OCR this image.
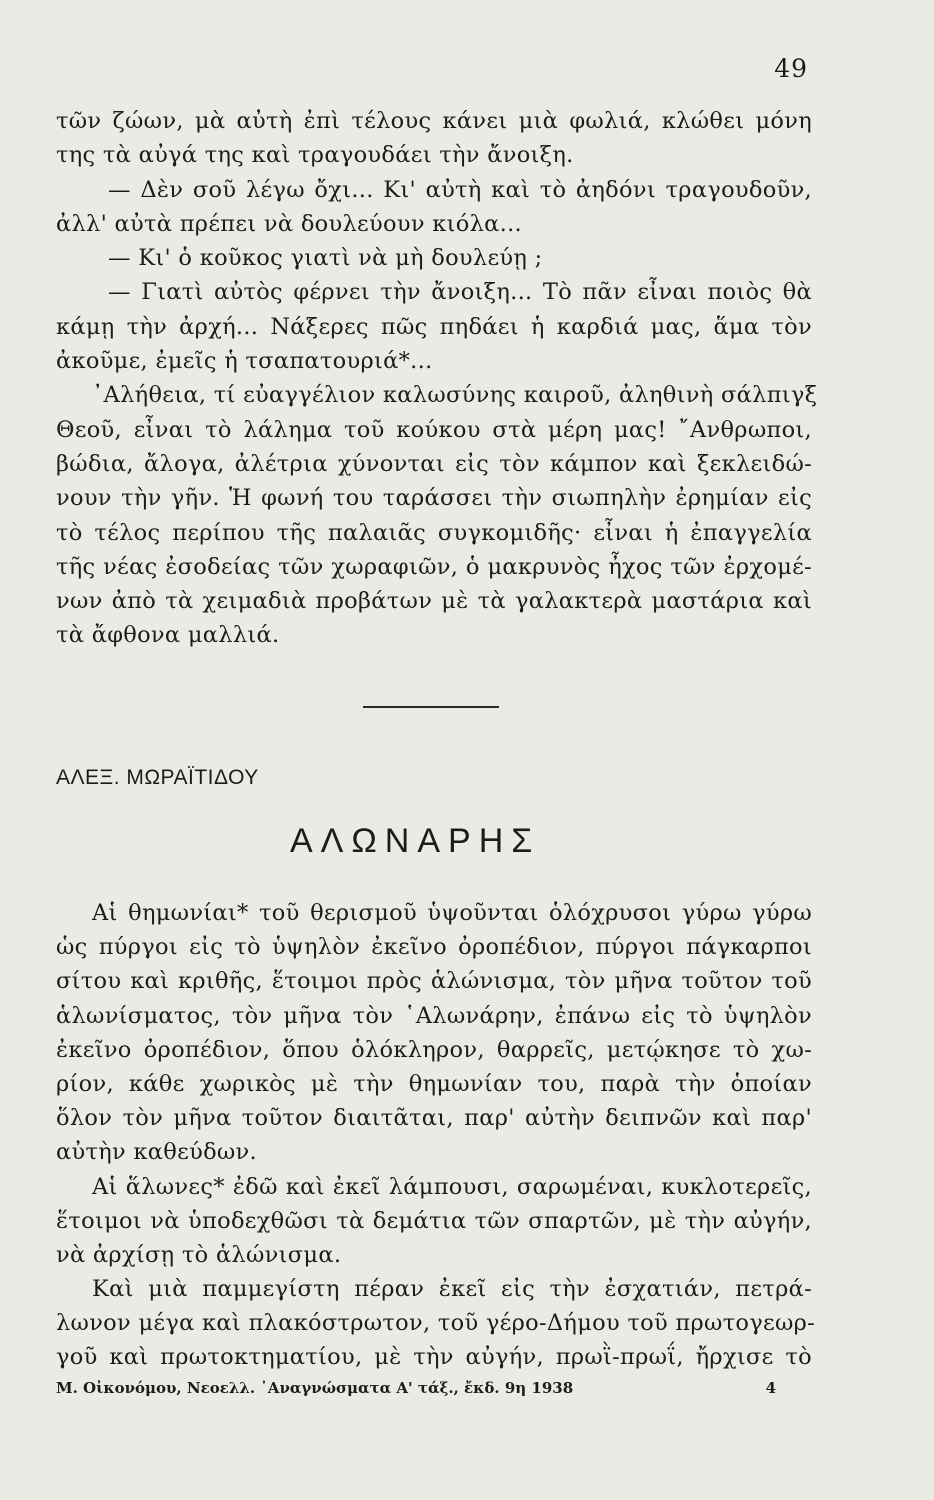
49
τῶν ζώων, μὰ αὐτὴ ἐπὶ τέλους κάνει μιὰ φωλιά, κλώθει μόνη
της τὰ αὐγά της καὶ τραγουδάει τὴν ἄνοιξη.
— Δὲν σοῦ λέγω ὄχι... Κι' αὐτὴ καὶ τὸ ἀηδόνι τραγουδοῦν,
ἀλλ' αὐτὰ πρέπει νὰ δουλεύουν κιόλα...
— Κι' ὁ κοῦκος γιατὶ νὰ μὴ δουλεύῃ ;
— Γιατὶ αὐτὸς φέρνει τὴν ἄνοιξη... Τὸ πᾶν εἶναι ποιὸς θὰ
κάμῃ τὴν ἀρχή... Νάξερες πῶς πηδάει ἡ καρδιά μας, ἅμα τὸν
ἀκοῦμε, ἐμεῖς ἡ τσαπατουριά*...
᾿Αλήθεια, τί εὐαγγέλιον καλωσύνης καιροῦ, ἀληθινὴ σάλπιγξ
Θεοῦ, εἶναι τὸ λάλημα τοῦ κούκου στὰ μέρη μας! ῎Ανθρωποι,
βώδια, ἄλογα, ἀλέτρια χύνονται εἰς τὸν κάμπον καὶ ξεκλειδώ-
νουν τὴν γῆν. Ἡ φωνή του ταράσσει τὴν σιωπηλὴν ἐρημίαν εἰς
τὸ τέλος περίπου τῆς παλαιᾶς συγκομιδῆς· εἶναι ἡ ἐπαγγελία
τῆς νέας ἐσοδείας τῶν χωραφιῶν, ὁ μακρυνὸς ἦχος τῶν ἐρχομέ-
νων ἀπὸ τὰ χειμαδιὰ προβάτων μὲ τὰ γαλακτερὰ μαστάρια καὶ
τὰ ἄφθονα μαλλιά.
ΑΛΕΞ. ΜΩΡΑΪΤΙΔΟΥ
ΑΛΩΝΑΡΗΣ
Αἱ θημωνίαι* τοῦ θερισμοῦ ὑψοῦνται ὁλόχρυσοι γύρω γύρω
ὡς πύργοι εἰς τὸ ὑψηλὸν ἐκεῖνο ὀροπέδιον, πύργοι πάγκαρποι
σίτου καὶ κριθῆς, ἕτοιμοι πρὸς ἁλώνισμα, τὸν μῆνα τοῦτον τοῦ
ἁλωνίσματος, τὸν μῆνα τὸν ῾Αλωνάρην, ἐπάνω εἰς τὸ ὑψηλὸν
ἐκεῖνο ὀροπέδιον, ὅπου ὁλόκληρον, θαρρεῖς, μετῴκησε τὸ χω-
ρίον, κάθε χωρικὸς μὲ τὴν θημωνίαν του, παρὰ τὴν ὁποίαν
ὅλον τὸν μῆνα τοῦτον διαιτᾶται, παρ' αὐτὴν δειπνῶν καὶ παρ'
αὐτὴν καθεύδων.
Αἱ ἅλωνες* ἐδῶ καὶ ἐκεῖ λάμπουσι, σαρωμέναι, κυκλοτερεῖς,
ἕτοιμοι νὰ ὑποδεχθῶσι τὰ δεμάτια τῶν σπαρτῶν, μὲ τὴν αὐγήν,
νὰ ἀρχίσῃ τὸ ἁλώνισμα.
Καὶ μιὰ παμμεγίστη πέραν ἐκεῖ εἰς τὴν ἐσχατιάν, πετρά-
λωνον μέγα καὶ πλακόστρωτον, τοῦ γέρο-Δήμου τοῦ πρωτογεωρ-
γοῦ καὶ πρωτοκτηματίου, μὲ τὴν αὐγήν, πρωῒ-πρωΐ, ἤρχισε τὸ
Μ. Οἰκονόμου, Νεοελλ. ᾿Αναγνώσματα Α' τάξ., ἔκδ. 9η 1938	4
